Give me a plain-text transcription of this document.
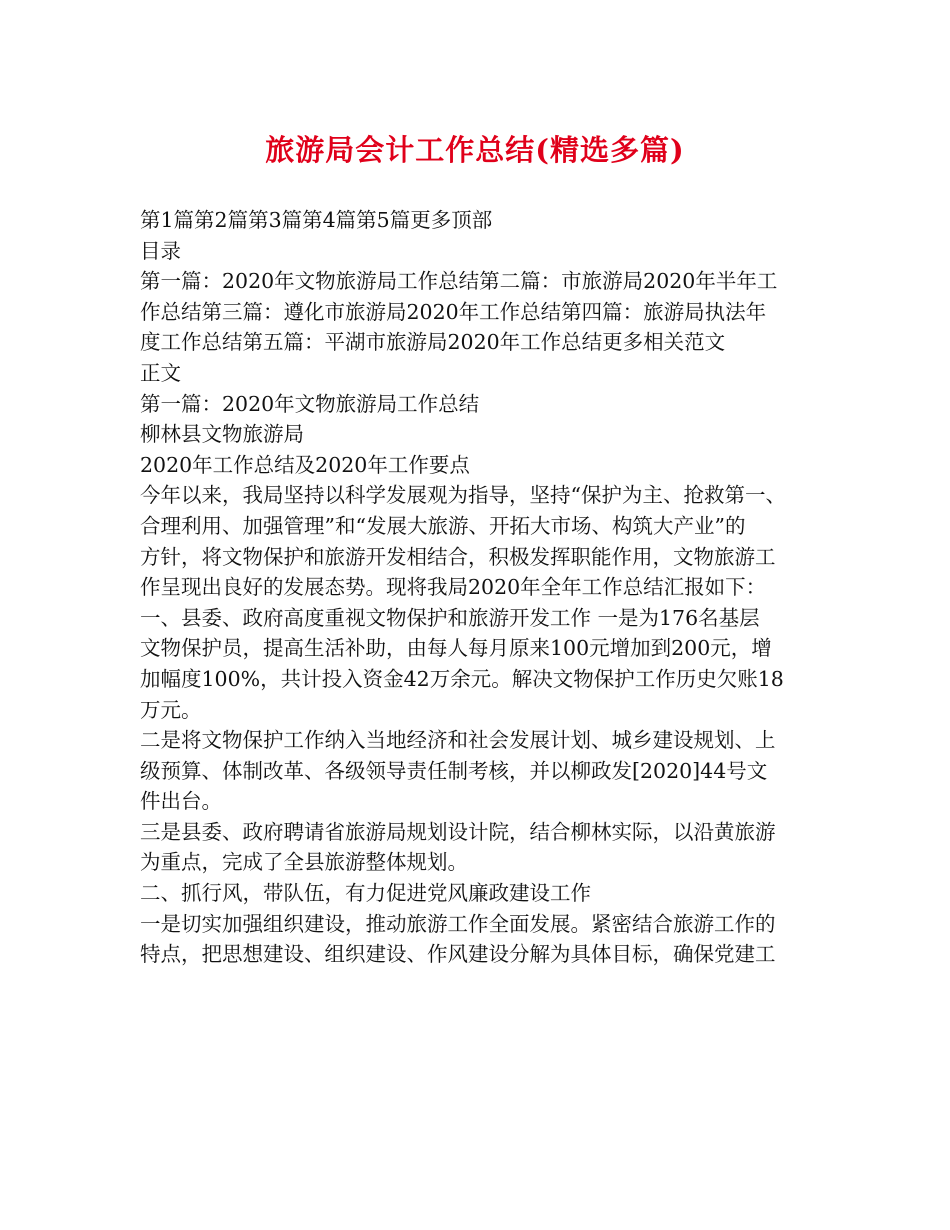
旅游局会计工作总结(精选多篇)
第1篇第2篇第3篇第4篇第5篇更多顶部
目录
第一篇：2020年文物旅游局工作总结第二篇：市旅游局2020年半年工
作总结第三篇：遵化市旅游局2020年工作总结第四篇：旅游局执法年
度工作总结第五篇：平湖市旅游局2020年工作总结更多相关范文
正文
第一篇：2020年文物旅游局工作总结
柳林县文物旅游局
2020年工作总结及2020年工作要点
今年以来，我局坚持以科学发展观为指导，坚持“保护为主、抢救第一、
合理利用、加强管理”和“发展大旅游、开拓大市场、构筑大产业”的
方针，将文物保护和旅游开发相结合，积极发挥职能作用，文物旅游工
作呈现出良好的发展态势。现将我局2020年全年工作总结汇报如下：
一、县委、政府高度重视文物保护和旅游开发工作 一是为176名基层
文物保护员，提高生活补助，由每人每月原来100元增加到200元，增
加幅度100%，共计投入资金42万余元。解决文物保护工作历史欠账18
万元。
二是将文物保护工作纳入当地经济和社会发展计划、城乡建设规划、上
级预算、体制改革、各级领导责任制考核，并以柳政发[2020]44号文
件出台。
三是县委、政府聘请省旅游局规划设计院，结合柳林实际，以沿黄旅游
为重点，完成了全县旅游整体规划。
二、抓行风，带队伍，有力促进党风廉政建设工作
一是切实加强组织建设，推动旅游工作全面发展。紧密结合旅游工作的
特点，把思想建设、组织建设、作风建设分解为具体目标，确保党建工
